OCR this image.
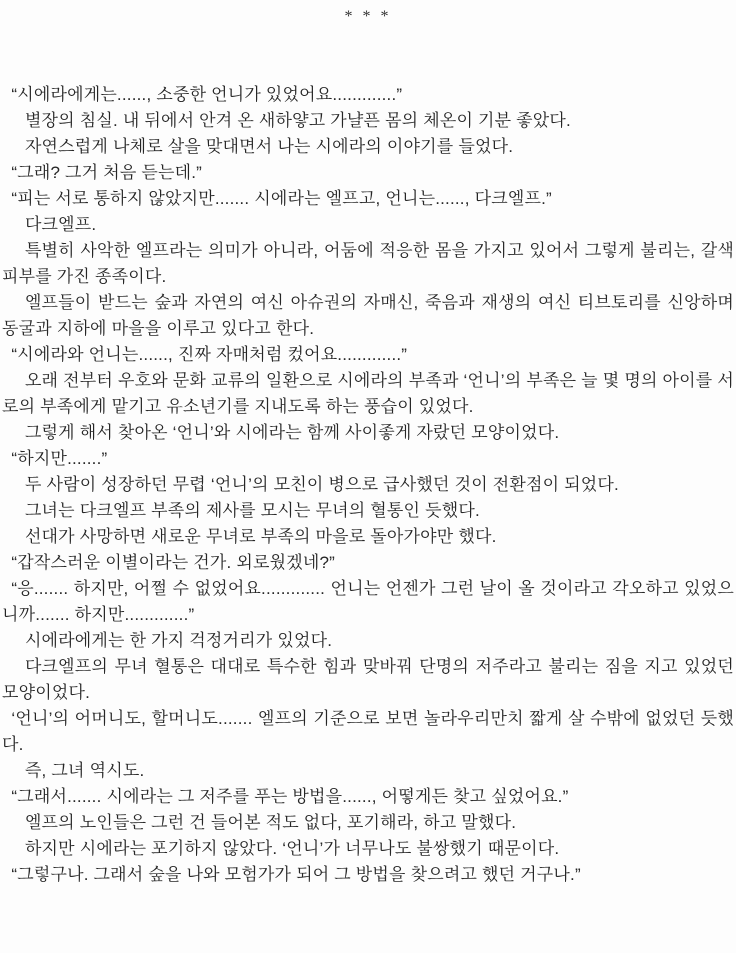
* * *
“시에라에게는......, 소중한 언니가 있었어요.............”
별장의 침실. 내 뒤에서 안겨 온 새하얗고 가냘픈 몸의 체온이 기분 좋았다.
자연스럽게 나체로 살을 맞대면서 나는 시에라의 이야기를 들었다.
“그래? 그거 처음 듣는데.”
“피는 서로 통하지 않았지만....... 시에라는 엘프고, 언니는......, 다크엘프.”
다크엘프.
특별히 사악한 엘프라는 의미가 아니라, 어둠에 적응한 몸을 가지고 있어서 그렇게 불리는, 갈색 피부를 가진 종족이다.
엘프들이 받드는 숲과 자연의 여신 아슈권의 자매신, 죽음과 재생의 여신 티브토리를 신앙하며 동굴과 지하에 마을을 이루고 있다고 한다.
“시에라와 언니는......, 진짜 자매처럼 컸어요.............”
오래 전부터 우호와 문화 교류의 일환으로 시에라의 부족과 ‘언니’의 부족은 늘 몇 명의 아이를 서로의 부족에게 맡기고 유소년기를 지내도록 하는 풍습이 있었다.
그렇게 해서 찾아온 ‘언니’와 시에라는 함께 사이좋게 자랐던 모양이었다.
“하지만.......”
두 사람이 성장하던 무렵 ‘언니’의 모친이 병으로 급사했던 것이 전환점이 되었다.
그녀는 다크엘프 부족의 제사를 모시는 무녀의 혈통인 듯했다.
선대가 사망하면 새로운 무녀로 부족의 마을로 돌아가야만 했다.
“갑작스러운 이별이라는 건가. 외로웠겠네?”
“응....... 하지만, 어쩔 수 없었어요............. 언니는 언젠가 그런 날이 올 것이라고 각오하고 있었으니까....... 하지만.............”
시에라에게는 한 가지 걱정거리가 있었다.
다크엘프의 무녀 혈통은 대대로 특수한 힘과 맞바꿔 단명의 저주라고 불리는 짐을 지고 있었던 모양이었다.
‘언니’의 어머니도, 할머니도....... 엘프의 기준으로 보면 놀라우리만치 짧게 살 수밖에 없었던 듯했다.
즉, 그녀 역시도.
“그래서....... 시에라는 그 저주를 푸는 방법을......, 어떻게든 찾고 싶었어요.”
엘프의 노인들은 그런 건 들어본 적도 없다, 포기해라, 하고 말했다.
하지만 시에라는 포기하지 않았다. ‘언니’가 너무나도 불쌍했기 때문이다.
“그렇구나. 그래서 숲을 나와 모험가가 되어 그 방법을 찾으려고 했던 거구나.”
